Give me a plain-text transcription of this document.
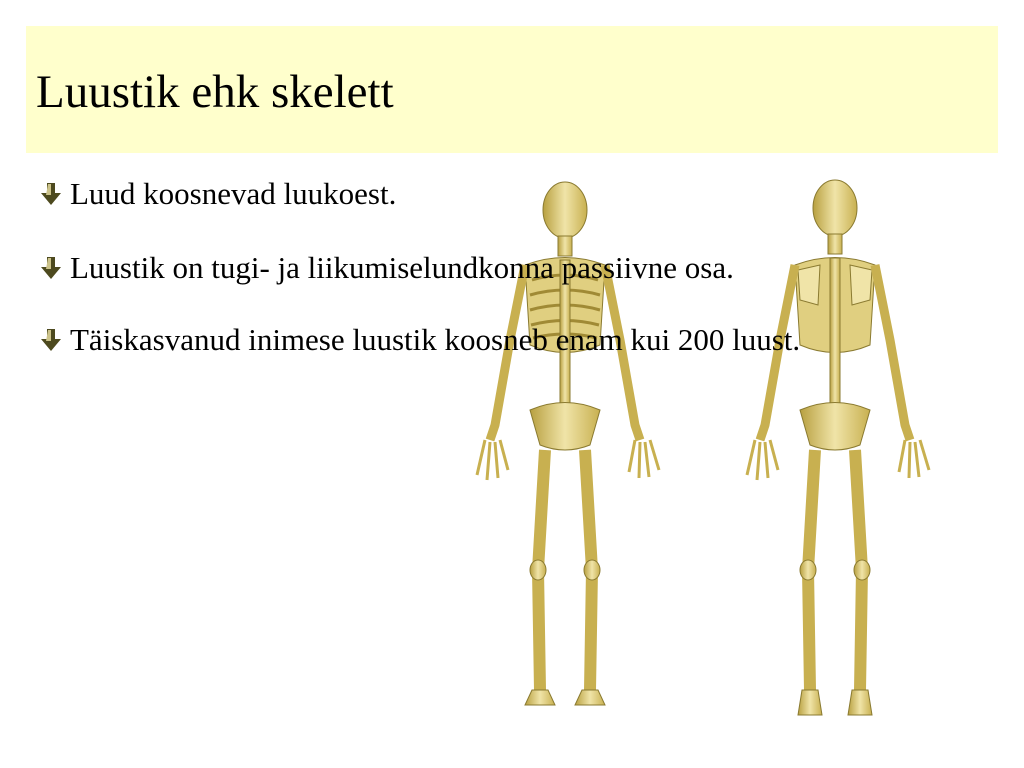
Luustik ehk skelett
Luud koosnevad luukoest.
Luustik on tugi- ja liikumiselundkonna passiivne osa.
Täiskasvanud inimese luustik koosneb enam kui 200 luust.
